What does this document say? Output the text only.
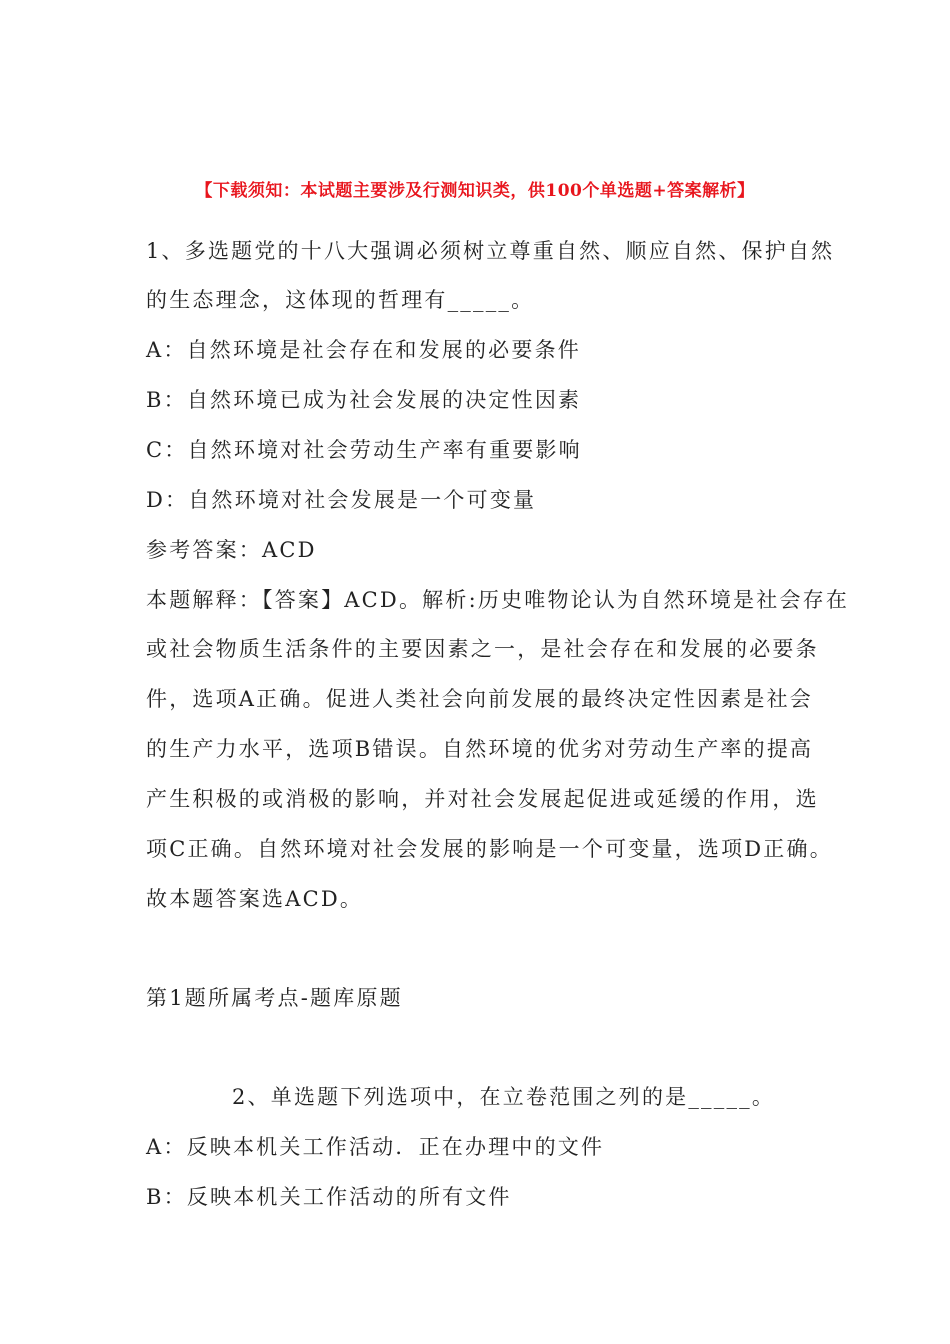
【下载须知：本试题主要涉及行测知识类，供100个单选题+答案解析】
1、多选题党的十八大强调必须树立尊重自然、顺应自然、保护自然
的生态理念，这体现的哲理有_____。
A：自然环境是社会存在和发展的必要条件
B：自然环境已成为社会发展的决定性因素
C：自然环境对社会劳动生产率有重要影响
D：自然环境对社会发展是一个可变量
参考答案：ACD
本题解释：【答案】ACD。解析:历史唯物论认为自然环境是社会存在
或社会物质生活条件的主要因素之一，是社会存在和发展的必要条
件，选项A正确。促进人类社会向前发展的最终决定性因素是社会
的生产力水平，选项B错误。自然环境的优劣对劳动生产率的提高
产生积极的或消极的影响，并对社会发展起促进或延缓的作用，选
项C正确。自然环境对社会发展的影响是一个可变量，选项D正确。
故本题答案选ACD。
第1题所属考点-题库原题
2、单选题下列选项中，在立卷范围之列的是_____。
A：反映本机关工作活动．正在办理中的文件
B：反映本机关工作活动的所有文件
